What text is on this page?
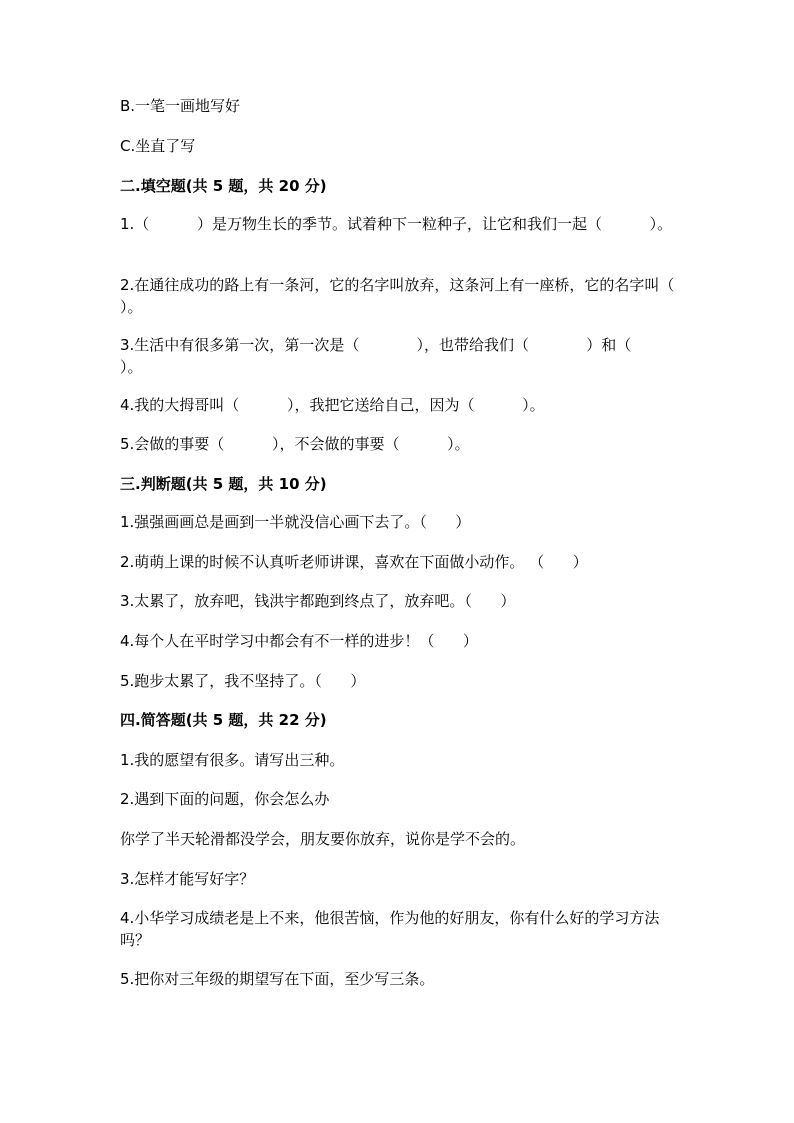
B.一笔一画地写好

C.坐直了写

二.填空题(共 5 题，共 20 分)

1.（          ）是万物生长的季节。试着种下一粒种子，让它和我们一起（          ）。

2.在通往成功的路上有一条河，它的名字叫放弃，这条河上有一座桥，它的名字叫（          ）。

3.生活中有很多第一次，第一次是（            ），也带给我们（            ）和（            ）。

4.我的大拇哥叫（          ），我把它送给自己，因为（          ）。

5.会做的事要（          ），不会做的事要（          ）。

三.判断题(共 5 题，共 10 分)

1.强强画画总是画到一半就没信心画下去了。（      ）

2.萌萌上课的时候不认真听老师讲课，喜欢在下面做小动作。 （      ）

3.太累了，放弃吧，钱洪宇都跑到终点了，放弃吧。（      ）

4.每个人在平时学习中都会有不一样的进步！（      ）

5.跑步太累了，我不坚持了。（      ）

四.简答题(共 5 题，共 22 分)

1.我的愿望有很多。请写出三种。

2.遇到下面的问题，你会怎么办

你学了半天轮滑都没学会，朋友要你放弃，说你是学不会的。

3.怎样才能写好字？

4.小华学习成绩老是上不来，他很苦恼，作为他的好朋友，你有什么好的学习方法吗？

5.把你对三年级的期望写在下面，至少写三条。
